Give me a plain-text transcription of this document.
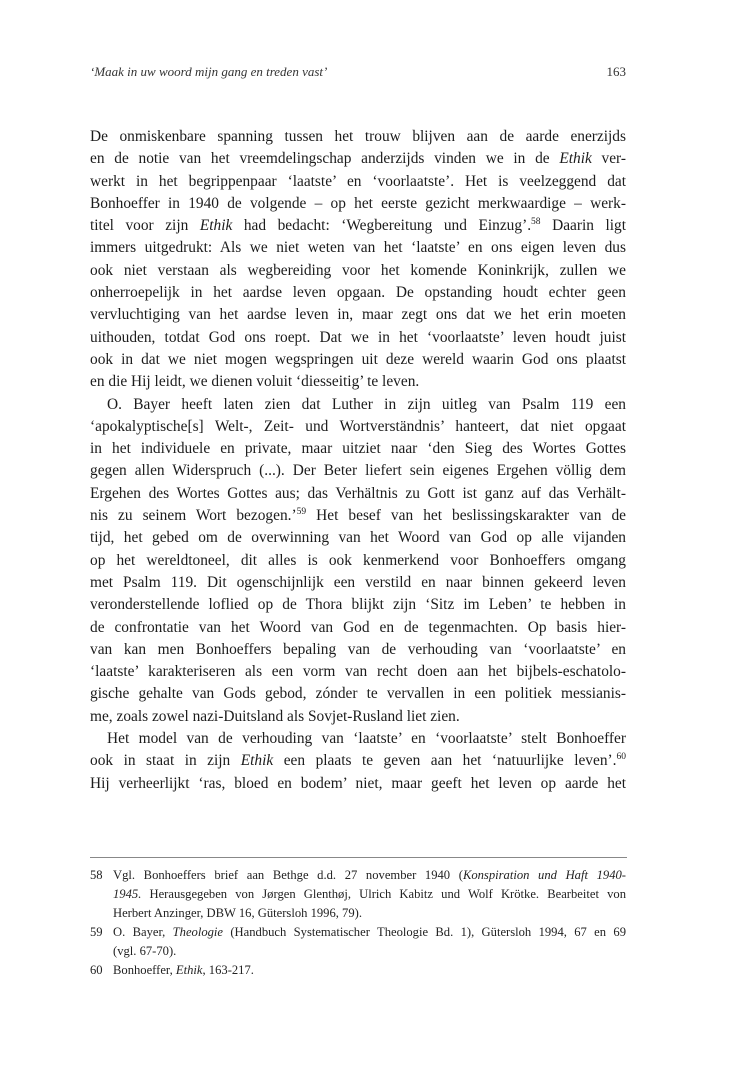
‘Maak in uw woord mijn gang en treden vast’	163

De onmiskenbare spanning tussen het trouw blijven aan de aarde enerzijds
en de notie van het vreemdelingschap anderzijds vinden we in de Ethik ver-
werkt in het begrippenpaar ‘laatste’ en ‘voorlaatste’. Het is veelzeggend dat
Bonhoeffer in 1940 de volgende – op het eerste gezicht merkwaardige – werk-
titel voor zijn Ethik had bedacht: ‘Wegbereitung und Einzug’.$^{58}$ Daarin ligt
immers uitgedrukt: Als we niet weten van het ‘laatste’ en ons eigen leven dus
ook niet verstaan als wegbereiding voor het komende Koninkrijk, zullen we
onherroepelijk in het aardse leven opgaan. De opstanding houdt echter geen
vervluchtiging van het aardse leven in, maar zegt ons dat we het erin moeten
uithouden, totdat God ons roept. Dat we in het ‘voorlaatste’ leven houdt juist
ook in dat we niet mogen wegspringen uit deze wereld waarin God ons plaatst
en die Hij leidt, we dienen voluit ‘diesseitig’ te leven.

O. Bayer heeft laten zien dat Luther in zijn uitleg van Psalm 119 een
‘apokalyptische[s] Welt-, Zeit- und Wortverständnis’ hanteert, dat niet opgaat
in het individuele en private, maar uitziet naar ‘den Sieg des Wortes Gottes
gegen allen Widerspruch (...). Der Beter liefert sein eigenes Ergehen völlig dem
Ergehen des Wortes Gottes aus; das Verhältnis zu Gott ist ganz auf das Verhält-
nis zu seinem Wort bezogen.’$^{59}$ Het besef van het beslissingskarakter van de
tijd, het gebed om de overwinning van het Woord van God op alle vijanden
op het wereldtoneel, dit alles is ook kenmerkend voor Bonhoeffers omgang
met Psalm 119. Dit ogenschijnlijk een verstild en naar binnen gekeerd leven
veronderstellende loflied op de Thora blijkt zijn ‘Sitz im Leben’ te hebben in
de confrontatie van het Woord van God en de tegenmachten. Op basis hier-
van kan men Bonhoeffers bepaling van de verhouding van ‘voorlaatste’ en
‘laatste’ karakteriseren als een vorm van recht doen aan het bijbels-eschatolo-
gische gehalte van Gods gebod, zónder te vervallen in een politiek messianis-
me, zoals zowel nazi-Duitsland als Sovjet-Rusland liet zien.

Het model van de verhouding van ‘laatste’ en ‘voorlaatste’ stelt Bonhoeffer
ook in staat in zijn Ethik een plaats te geven aan het ‘natuurlijke leven’.$^{60}$
Hij verheerlijkt ‘ras, bloed en bodem’ niet, maar geeft het leven op aarde het

58 Vgl. Bonhoeffers brief aan Bethge d.d. 27 november 1940 (Konspiration und Haft 1940-
1945. Herausgegeben von Jørgen Glenthøj, Ulrich Kabitz und Wolf Krötke. Bearbeitet von
Herbert Anzinger, DBW 16, Gütersloh 1996, 79).
59 O. Bayer, Theologie (Handbuch Systematischer Theologie Bd. 1), Gütersloh 1994, 67 en 69
(vgl. 67-70).
60 Bonhoeffer, Ethik, 163-217.
